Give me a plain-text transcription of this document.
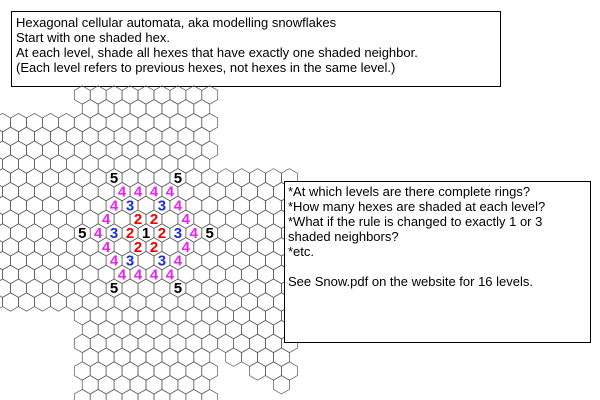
Hexagonal cellular automata, aka modelling snowflakes
Start with one shaded hex.
At each level, shade all hexes that have exactly one shaded neighbor.
(Each level refers to previous hexes, not hexes in the same level.)
1 2
2
2
2 2
2
3
3
3
3 3
3
4
4
4
4	4
4
4
4
4
4	4
4
4
4
4 4
4
4
5
5
5
5	5
5
*At which levels are there complete rings?
*How many hexes are shaded at each level?
*What if the rule is changed to exactly 1 or 3
shaded neighbors?
*etc.
See Snow.pdf on the website for 16 levels.
